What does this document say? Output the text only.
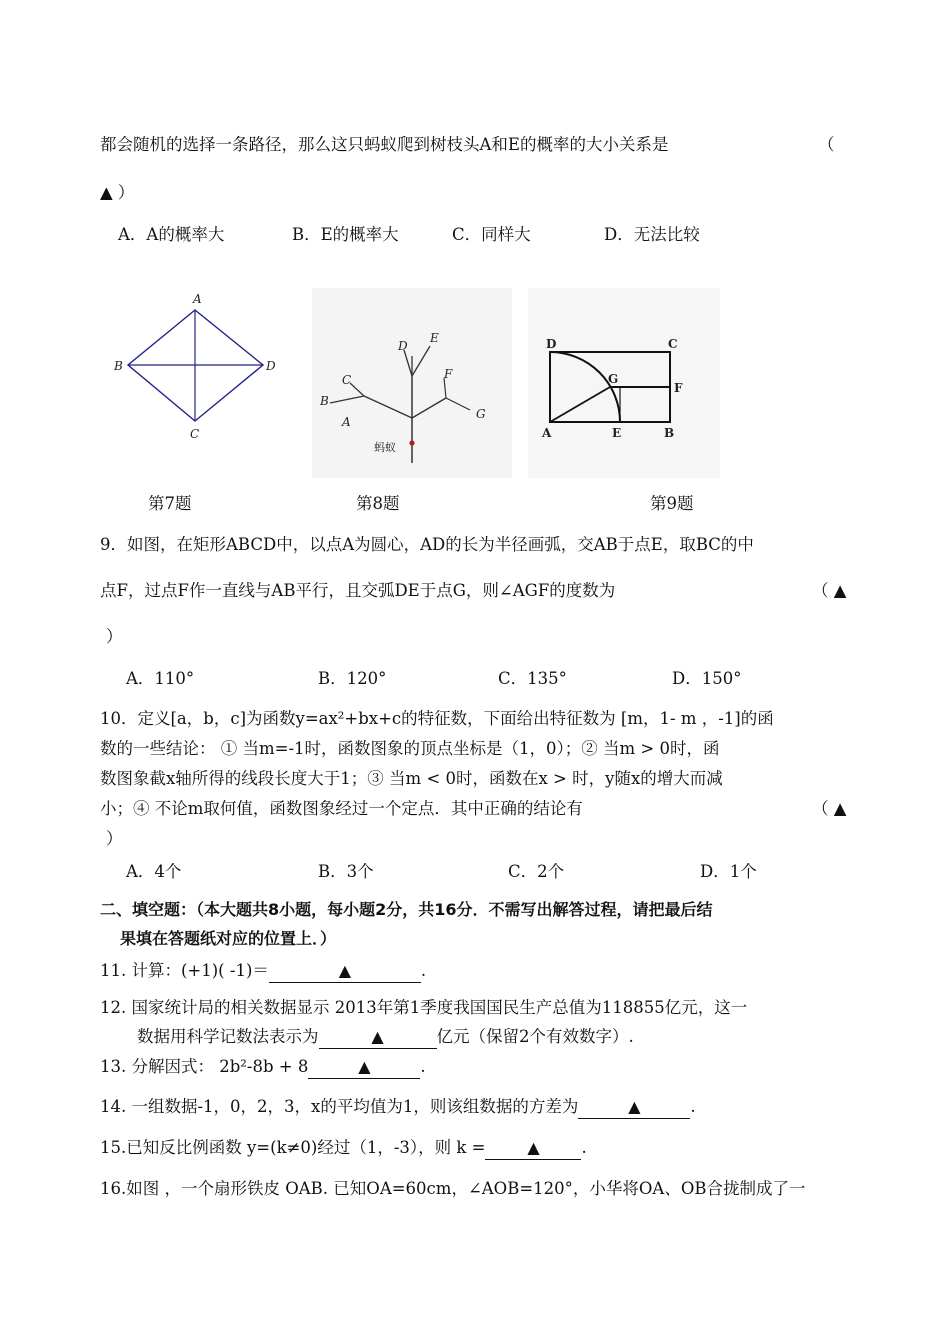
都会随机的选择一条路径，那么这只蚂蚁爬到树枝头A和E的概率的大小关系是	（
▲ ）
A．A的概率大	B．E的概率大	C．同样大	D．无法比较
A
B
C
D
D
E
C
B
A
F
G
蚂蚁
D	C
G
F
A	E	B
第7题	第8题	第9题
9．如图，在矩形ABCD中，以点A为圆心，AD的长为半径画弧，交AB于点E，取BC的中
点F，过点F作一直线与AB平行，且交弧DE于点G，则∠AGF的度数为	（ ▲
）
A．110°	B．120°	C．135°	D．150°
10．定义[a，b，c]为函数y=ax²+bx+c的特征数，下面给出特征数为 [m，1- m ，-1]的函
数的一些结论： ① 当m=-1时，函数图象的顶点坐标是（1，0）；② 当m > 0时，函
数图象截x轴所得的线段长度大于1；③ 当m < 0时，函数在x > 时，y随x的增大而减
小；④ 不论m取何值，函数图象经过一个定点．其中正确的结论有	（ ▲
）
A．4个	B．3个	C．2个	D．1个
二、填空题：（本大题共8小题，每小题2分，共16分．不需写出解答过程，请把最后结
果填在答题纸对应的位置上．）
11. 计算：(+1)( -1)＝	▲	.
12. 国家统计局的相关数据显示 2013年第1季度我国国民生产总值为118855亿元，这一
数据用科学记数法表示为	▲	亿元（保留2个有效数字）.
13. 分解因式： 2b²-8b + 8	▲	.
14. 一组数据-1，0，2，3，x的平均值为1，则该组数据的方差为	▲	.
15.已知反比例函数 y=(k≠0)经过（1，-3），则 k =	▲	.
16.如图 ，一个扇形铁皮 OAB. 已知OA=60cm，∠AOB=120°，小华将OA、OB合拢制成了一
